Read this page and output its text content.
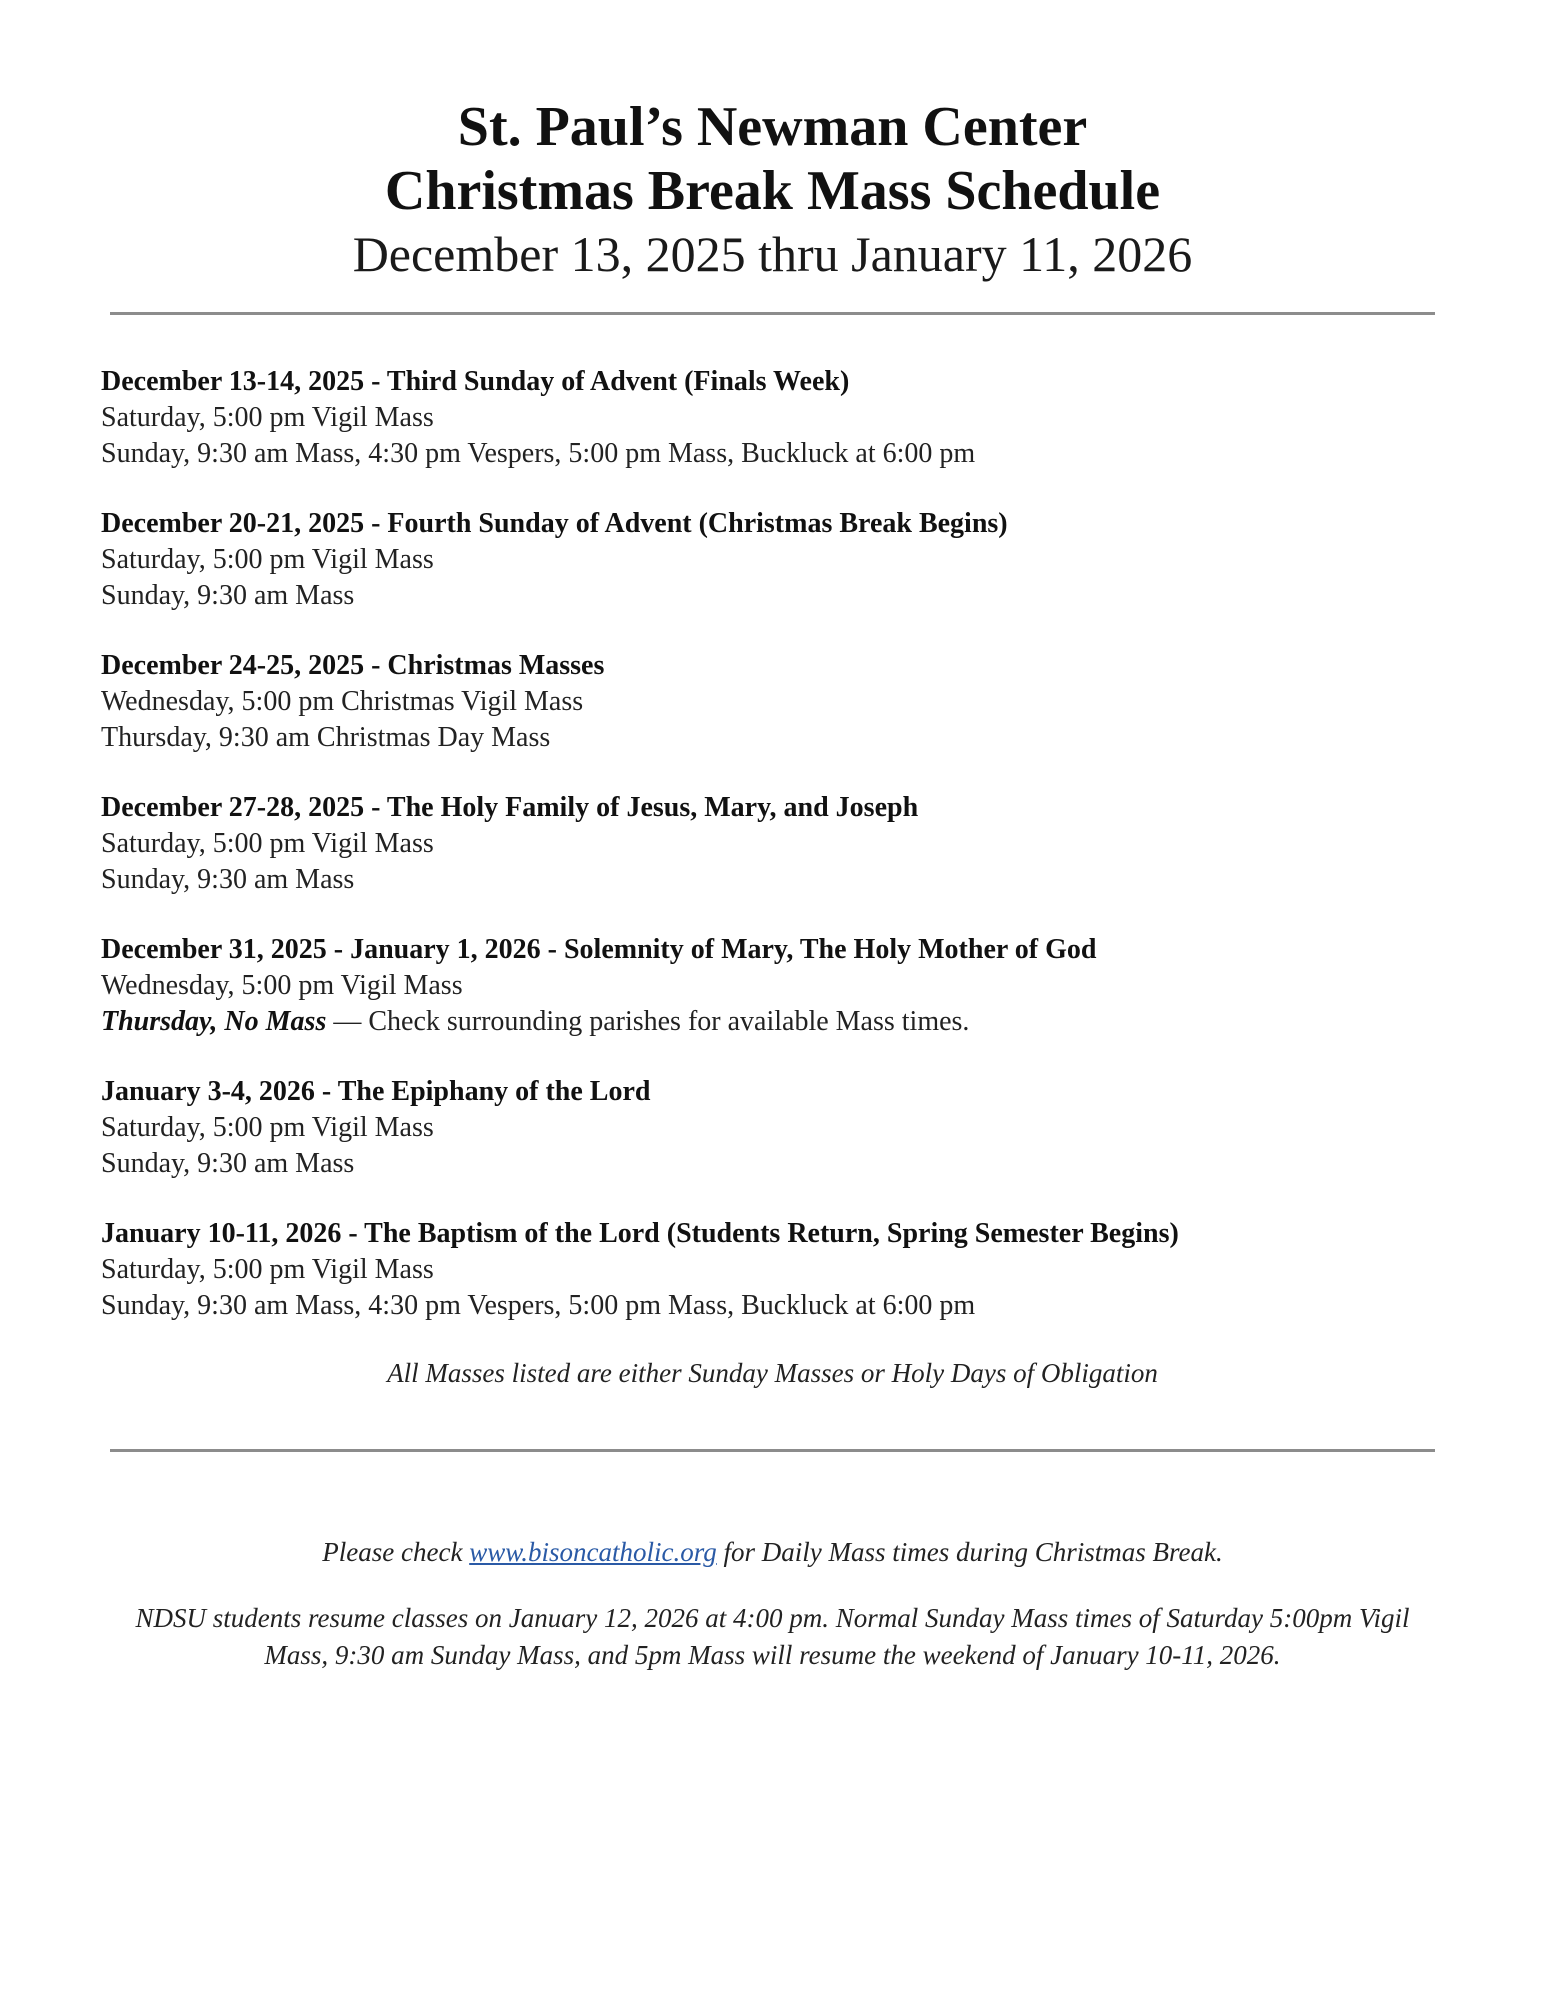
St. Paul’s Newman Center
Christmas Break Mass Schedule
December 13, 2025 thru January 11, 2026
December 13-14, 2025 - Third Sunday of Advent (Finals Week)
Saturday, 5:00 pm Vigil Mass
Sunday, 9:30 am Mass, 4:30 pm Vespers, 5:00 pm Mass, Buckluck at 6:00 pm
December 20-21, 2025 - Fourth Sunday of Advent (Christmas Break Begins)
Saturday, 5:00 pm Vigil Mass
Sunday, 9:30 am Mass
December 24-25, 2025 - Christmas Masses
Wednesday, 5:00 pm Christmas Vigil Mass
Thursday, 9:30 am Christmas Day Mass
December 27-28, 2025 - The Holy Family of Jesus, Mary, and Joseph
Saturday, 5:00 pm Vigil Mass
Sunday, 9:30 am Mass
December 31, 2025 - January 1, 2026 - Solemnity of Mary, The Holy Mother of God
Wednesday, 5:00 pm Vigil Mass
Thursday, No Mass — Check surrounding parishes for available Mass times.
January 3-4, 2026 - The Epiphany of the Lord
Saturday, 5:00 pm Vigil Mass
Sunday, 9:30 am Mass
January 10-11, 2026 - The Baptism of the Lord (Students Return, Spring Semester Begins)
Saturday, 5:00 pm Vigil Mass
Sunday, 9:30 am Mass, 4:30 pm Vespers, 5:00 pm Mass, Buckluck at 6:00 pm
All Masses listed are either Sunday Masses or Holy Days of Obligation
Please check www.bisoncatholic.org for Daily Mass times during Christmas Break.
NDSU students resume classes on January 12, 2026 at 4:00 pm. Normal Sunday Mass times of Saturday 5:00pm Vigil Mass, 9:30 am Sunday Mass, and 5pm Mass will resume the weekend of January 10-11, 2026.
